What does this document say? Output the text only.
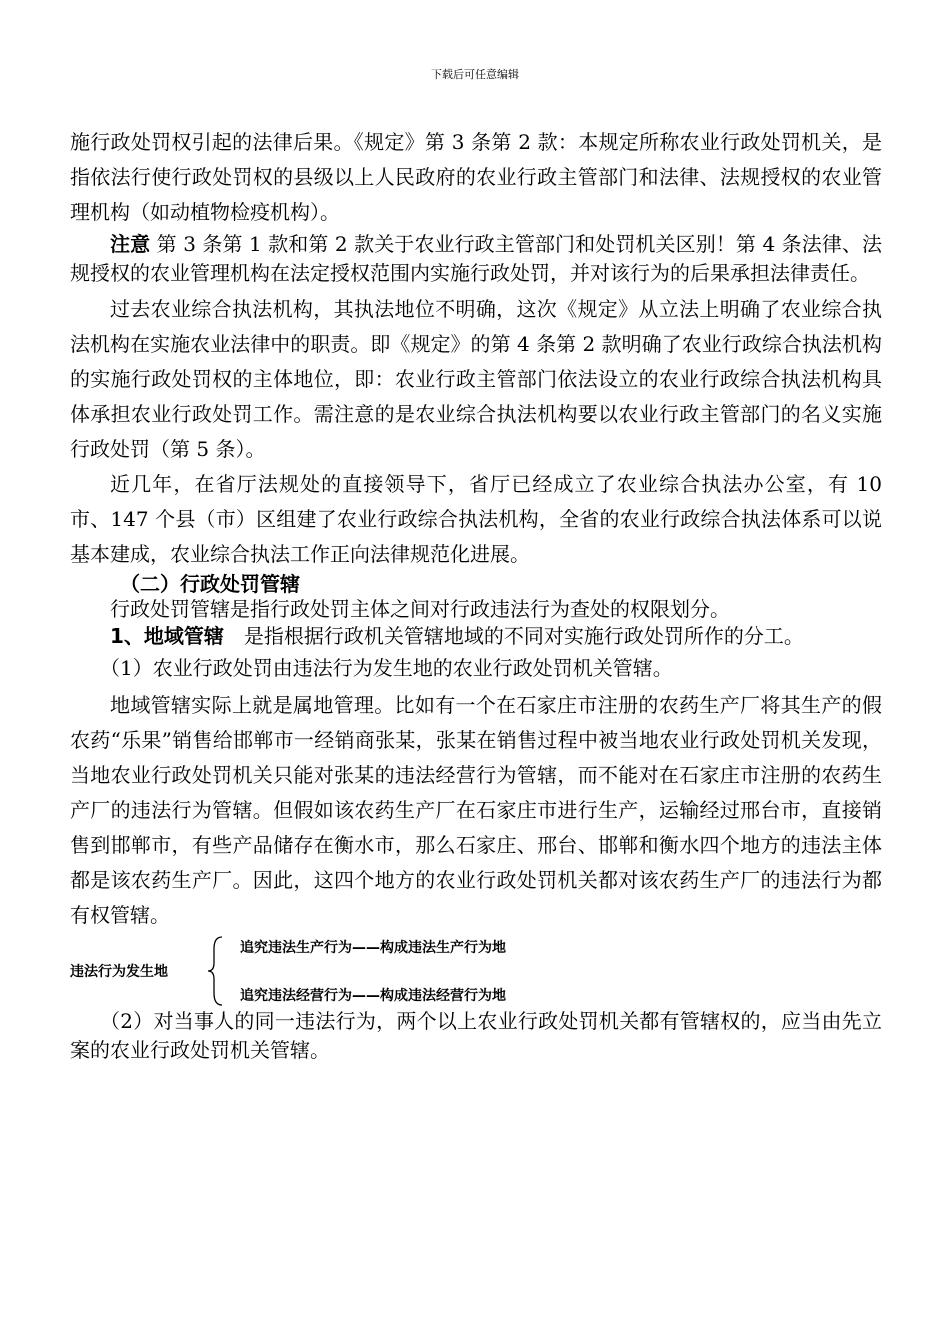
下载后可任意编辑

施行政处罚权引起的法律后果。《规定》第 3 条第 2 款：本规定所称农业行政处罚机关，是指依法行使行政处罚权的县级以上人民政府的农业行政主管部门和法律、法规授权的农业管理机构（如动植物检疫机构）。

注意 第 3 条第 1 款和第 2 款关于农业行政主管部门和处罚机关区别！第 4 条法律、法规授权的农业管理机构在法定授权范围内实施行政处罚，并对该行为的后果承担法律责任。

过去农业综合执法机构，其执法地位不明确，这次《规定》从立法上明确了农业综合执法机构在实施农业法律中的职责。即《规定》的第 4 条第 2 款明确了农业行政综合执法机构的实施行政处罚权的主体地位，即：农业行政主管部门依法设立的农业行政综合执法机构具体承担农业行政处罚工作。需注意的是农业综合执法机构要以农业行政主管部门的名义实施行政处罚（第 5 条）。

近几年，在省厅法规处的直接领导下，省厅已经成立了农业综合执法办公室，有 10 市、147 个县（市）区组建了农业行政综合执法机构，全省的农业行政综合执法体系可以说基本建成，农业综合执法工作正向法律规范化进展。

（二）行政处罚管辖

行政处罚管辖是指行政处罚主体之间对行政违法行为查处的权限划分。

1、地域管辖　是指根据行政机关管辖地域的不同对实施行政处罚所作的分工。

（1）农业行政处罚由违法行为发生地的农业行政处罚机关管辖。

地域管辖实际上就是属地管理。比如有一个在石家庄市注册的农药生产厂将其生产的假农药“乐果”销售给邯郸市一经销商张某，张某在销售过程中被当地农业行政处罚机关发现，当地农业行政处罚机关只能对张某的违法经营行为管辖，而不能对在石家庄市注册的农药生产厂的违法行为管辖。但假如该农药生产厂在石家庄市进行生产，运输经过邢台市，直接销售到邯郸市，有些产品储存在衡水市，那么石家庄、邢台、邯郸和衡水四个地方的违法主体都是该农药生产厂。因此，这四个地方的农业行政处罚机关都对该农药生产厂的违法行为都有权管辖。

违法行为发生地
追究违法生产行为——构成违法生产行为地
追究违法经营行为——构成违法经营行为地

（2）对当事人的同一违法行为，两个以上农业行政处罚机关都有管辖权的，应当由先立案的农业行政处罚机关管辖。
